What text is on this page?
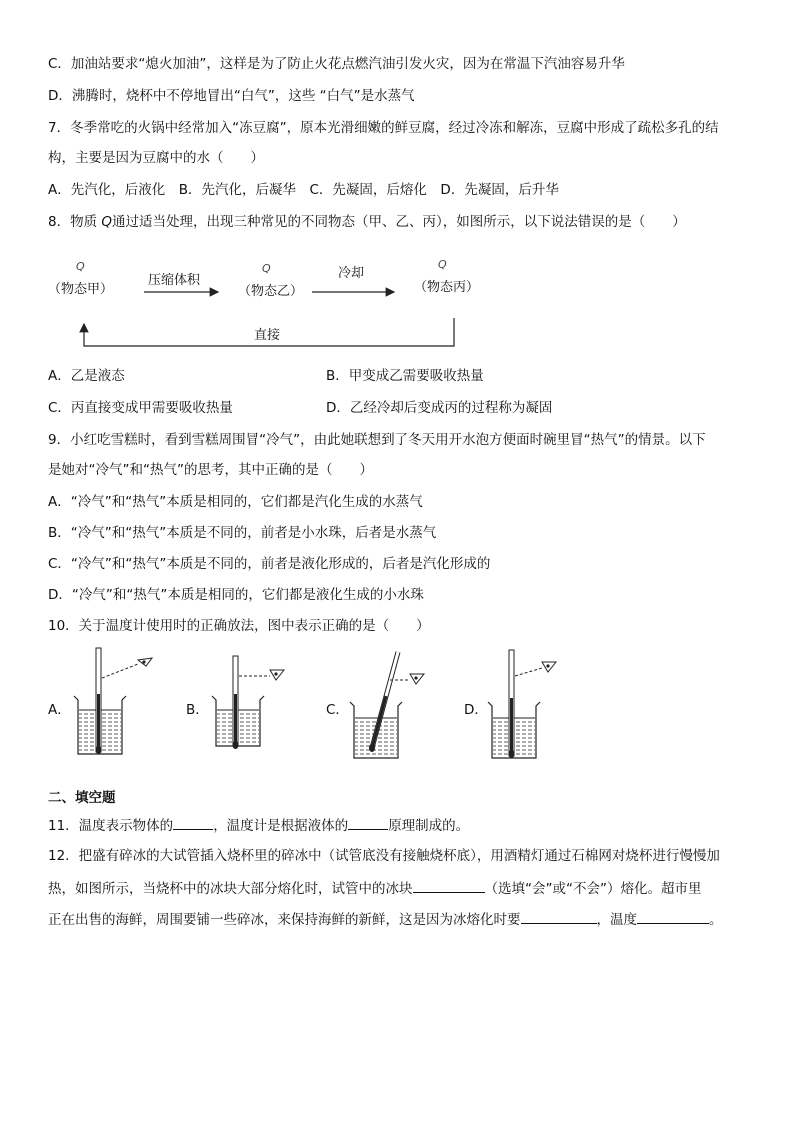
C．加油站要求“熄火加油”，这样是为了防止火花点燃汽油引发火灾，因为在常温下汽油容易升华
D．沸腾时，烧杯中不停地冒出“白气”，这些 “白气”是水蒸气
7．冬季常吃的火锅中经常加入“冻豆腐”，原本光滑细嫩的鲜豆腐，经过冷冻和解冻，豆腐中形成了疏松多孔的结
构，主要是因为豆腐中的水（　　）
A．先汽化，后液化　B．先汽化，后凝华　C．先凝固，后熔化　D．先凝固，后升华
8．物质 Q通过适当处理，出现三种常见的不同物态（甲、乙、丙），如图所示，以下说法错误的是（　　）
Q
（物态甲）
压缩体积
Q
（物态乙）
冷却
Q
（物态丙）
直接
A．乙是液态	B．甲变成乙需要吸收热量
C．丙直接变成甲需要吸收热量	D．乙经冷却后变成丙的过程称为凝固
9．小红吃雪糕时，看到雪糕周围冒“冷气”，由此她联想到了冬天用开水泡方便面时碗里冒“热气”的情景。以下
是她对“冷气”和“热气”的思考，其中正确的是（　　）
A．“冷气”和“热气”本质是相同的，它们都是汽化生成的水蒸气
B．“冷气”和“热气”本质是不同的，前者是小水珠，后者是水蒸气
C．“冷气”和“热气”本质是不同的，前者是液化形成的，后者是汽化形成的
D．“冷气”和“热气”本质是相同的，它们都是液化生成的小水珠
10．关于温度计使用时的正确放法，图中表示正确的是（　　）
A．	B．	C．	D．
二、填空题
11．温度表示物体的	，温度计是根据液体的	原理制成的。
12．把盛有碎冰的大试管插入烧杯里的碎冰中（试管底没有接触烧杯底），用酒精灯通过石棉网对烧杯进行慢慢加
热，如图所示，当烧杯中的冰块大部分熔化时，试管中的冰块	（选填“会”或“不会”）熔化。超市里
正在出售的海鲜，周围要铺一些碎冰，来保持海鲜的新鲜，这是因为冰熔化时要	，温度	。
